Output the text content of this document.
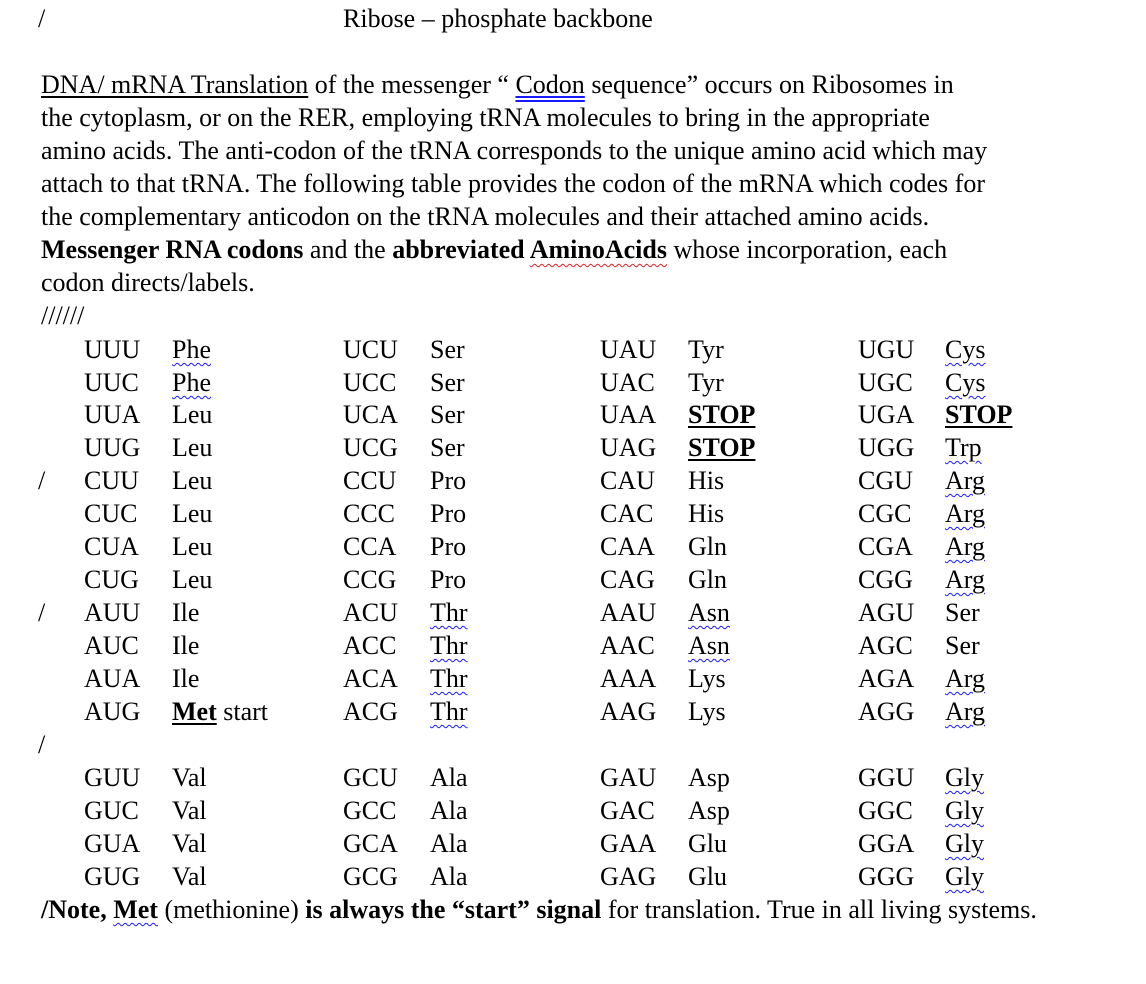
/	Ribose – phosphate backbone
DNA/ mRNA Translation of the messenger “ Codon sequence” occurs on Ribosomes in
the cytoplasm, or on the RER, employing tRNA molecules to bring in the appropriate
amino acids. The anti-codon of the tRNA corresponds to the unique amino acid which may
attach to that tRNA. The following table provides the codon of the mRNA which codes for
the complementary anticodon on the tRNA molecules and their attached amino acids.
Messenger RNA codons and the abbreviated AminoAcids whose incorporation, each
codon directs/labels.
//////
/
/
/
UUU Phe	UCU Ser	UAU Tyr	UGU Cys
UUC Phe	UCC Ser	UAC Tyr	UGC Cys
UUA Leu	UCA Ser	UAA STOP	UGA STOP
UUG Leu	UCG Ser	UAG STOP	UGG Trp
CUU Leu	CCU Pro	CAU His	CGU Arg
CUC Leu	CCC Pro	CAC His	CGC Arg
CUA Leu	CCA Pro	CAA Gln	CGA Arg
CUG Leu	CCG Pro	CAG Gln	CGG Arg
AUU Ile	ACU Thr	AAU Asn	AGU Ser
AUC Ile	ACC Thr	AAC Asn	AGC Ser
AUA Ile	ACA Thr	AAA Lys	AGA Arg
AUG Met start	ACG Thr	AAG Lys	AGG Arg
GUU Val	GCU Ala	GAU Asp	GGU Gly
GUC Val	GCC Ala	GAC Asp	GGC Gly
GUA Val	GCA Ala	GAA Glu	GGA Gly
GUG Val	GCG Ala	GAG Glu	GGG Gly
/Note, Met (methionine) is always the “start” signal for translation. True in all living systems.
